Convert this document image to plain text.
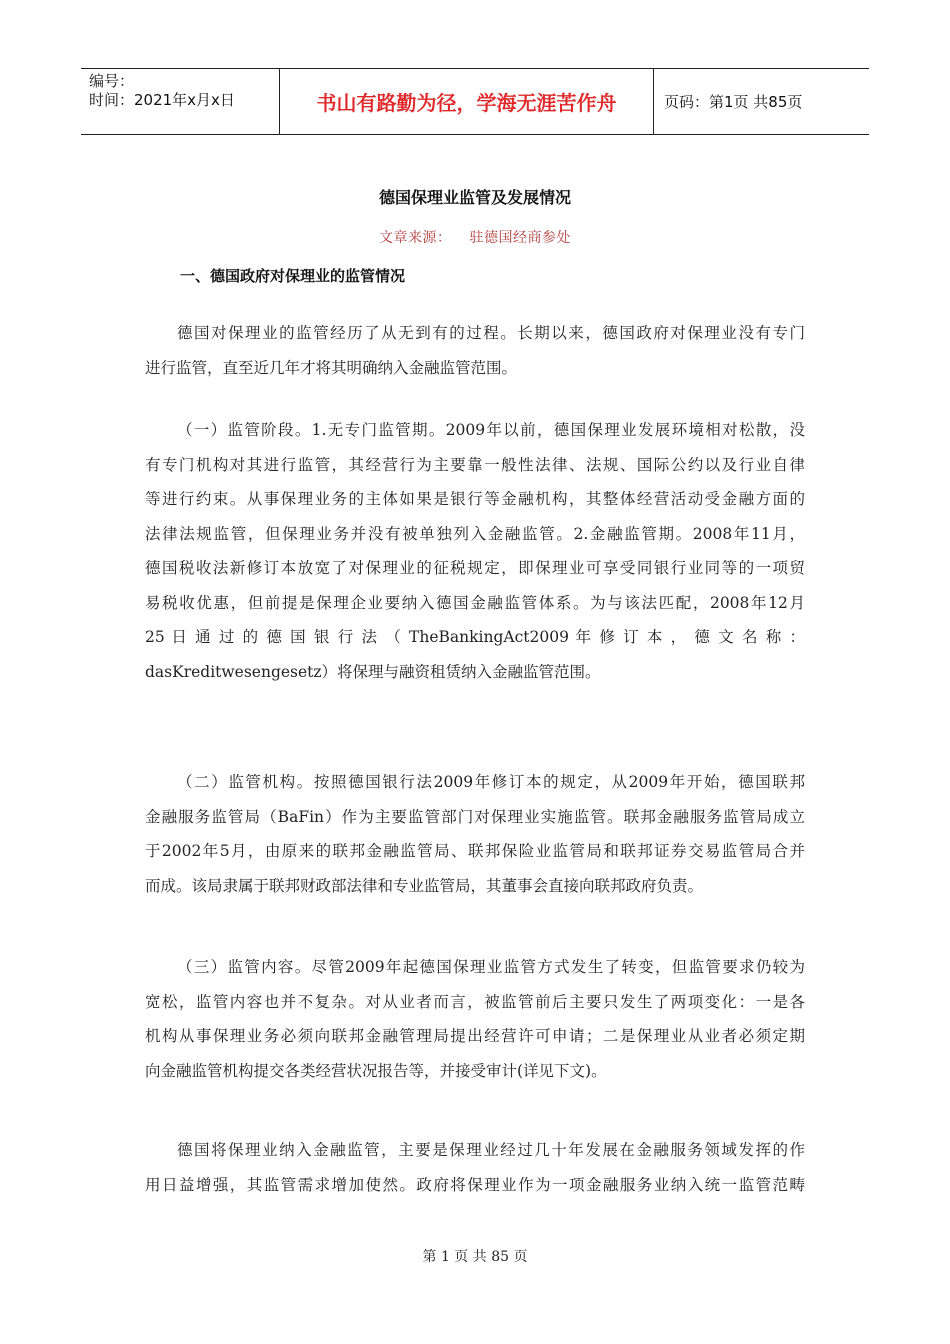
编号：
时间：2021年x月x日	书山有路勤为径，学海无涯苦作舟	页码：第1页 共85页
德国保理业监管及发展情况
文章来源： 驻德国经商参处
一、德国政府对保理业的监管情况
德国对保理业的监管经历了从无到有的过程。长期以来，德国政府对保理业没有专门
进行监管，直至近几年才将其明确纳入金融监管范围。
（一）监管阶段。1.无专门监管期。2009年以前，德国保理业发展环境相对松散，没
有专门机构对其进行监管，其经营行为主要靠一般性法律、法规、国际公约以及行业自律
等进行约束。从事保理业务的主体如果是银行等金融机构，其整体经营活动受金融方面的
法律法规监管，但保理业务并没有被单独列入金融监管。2.金融监管期。2008年11月，
德国税收法新修订本放宽了对保理业的征税规定，即保理业可享受同银行业同等的一项贸
易税收优惠，但前提是保理企业要纳入德国金融监管体系。为与该法匹配，2008年12月
25 日 通 过 的 德 国 银 行 法 （ TheBankingAct2009 年 修 订 本 ， 德 文 名 称 ：
dasKreditwesengesetz）将保理与融资租赁纳入金融监管范围。
（二）监管机构。按照德国银行法2009年修订本的规定，从2009年开始，德国联邦
金融服务监管局（BaFin）作为主要监管部门对保理业实施监管。联邦金融服务监管局成立
于2002年5月，由原来的联邦金融监管局、联邦保险业监管局和联邦证券交易监管局合并
而成。该局隶属于联邦财政部法律和专业监管局，其董事会直接向联邦政府负责。
（三）监管内容。尽管2009年起德国保理业监管方式发生了转变，但监管要求仍较为
宽松，监管内容也并不复杂。对从业者而言，被监管前后主要只发生了两项变化：一是各
机构从事保理业务必须向联邦金融管理局提出经营许可申请；二是保理业从业者必须定期
向金融监管机构提交各类经营状况报告等，并接受审计(详见下文)。
德国将保理业纳入金融监管，主要是保理业经过几十年发展在金融服务领域发挥的作
用日益增强，其监管需求增加使然。政府将保理业作为一项金融服务业纳入统一监管范畴
第 1 页 共 85 页
